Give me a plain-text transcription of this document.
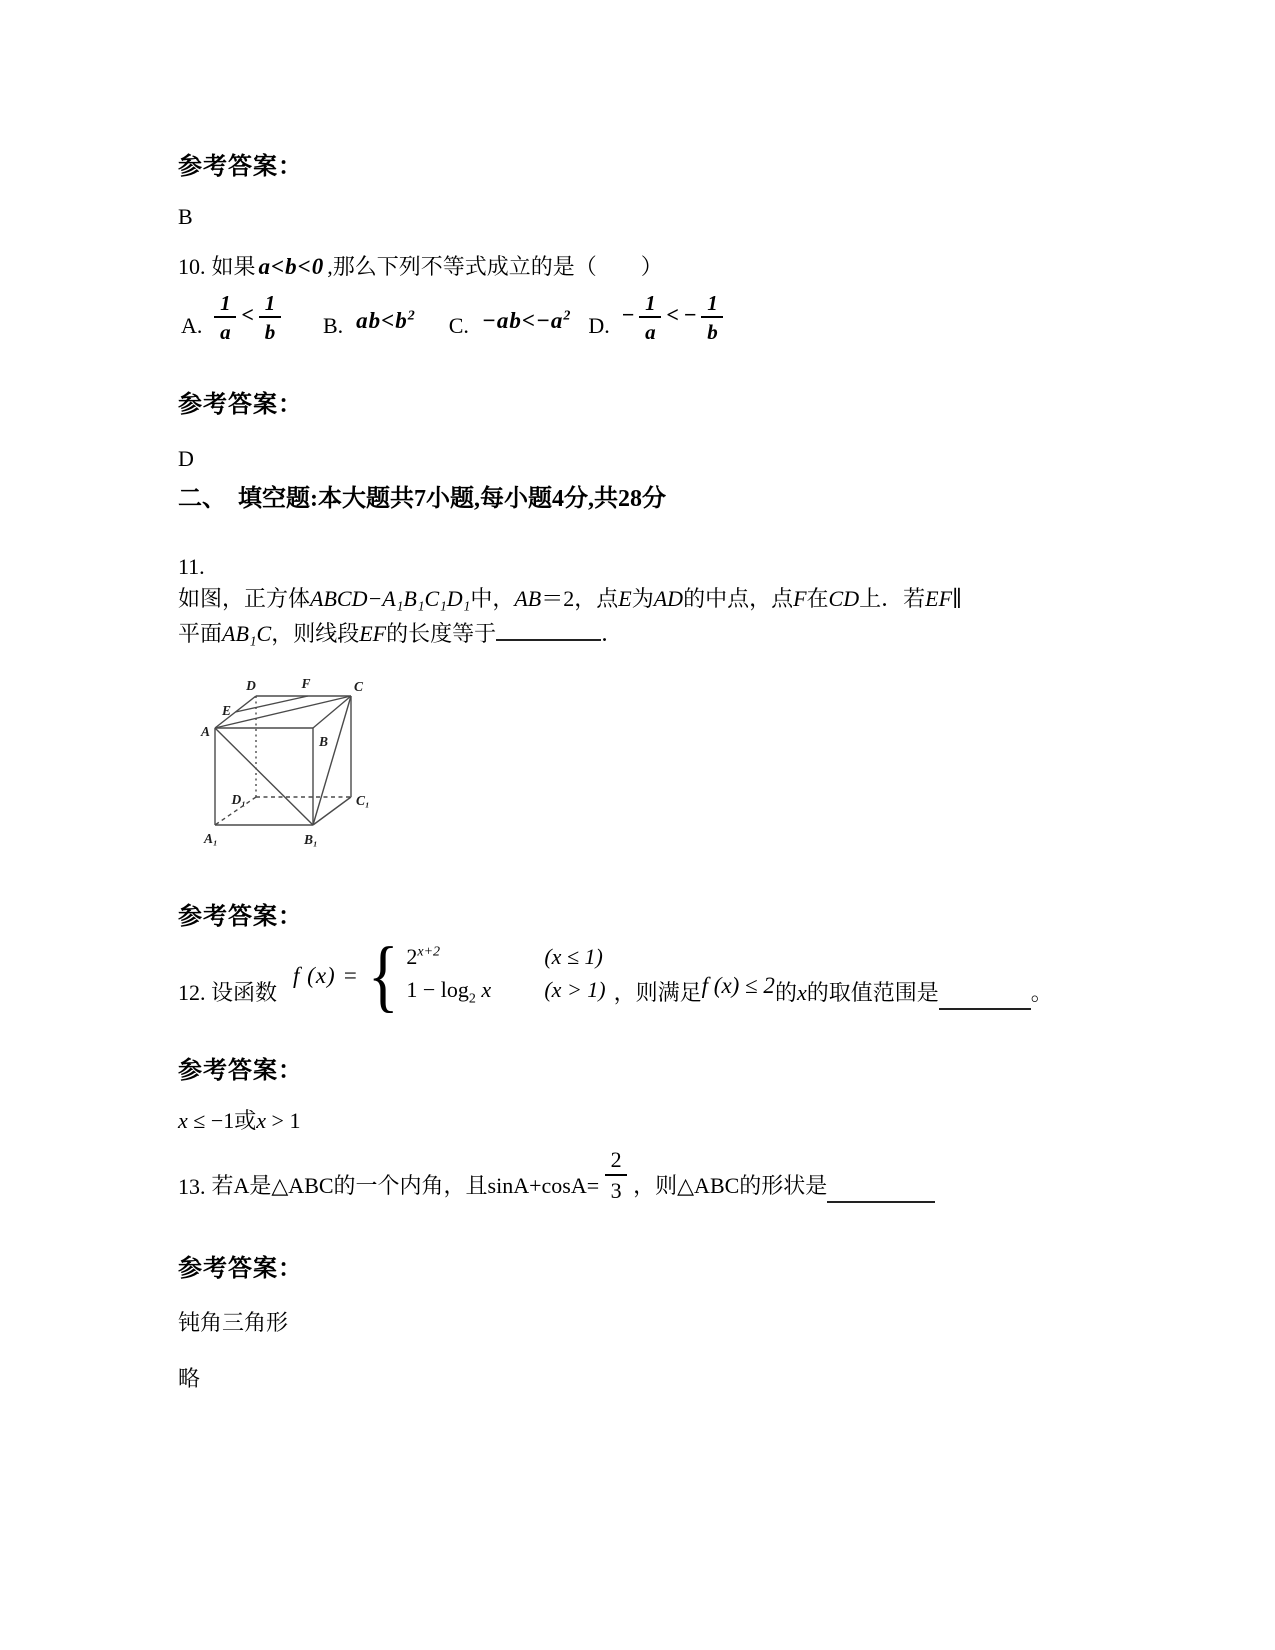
参考答案：
B
10. 如果 a<b<0 ,那么下列不等式成立的是（　　）
A. $\frac{1}{a} < \frac{1}{b} B$. $ab<b^2$ C. $-ab<-a^2$ D. − $\frac{1}{a}$ < − $\frac{1}{b}$
参考答案：
D
二、　填空题:本大题共7小题,每小题4分,共28分
11.
如图，正方体ABCD−A₁B₁C₁D₁中，AB＝2，点E为AD的中点，点F在CD上．若EF∥
平面AB₁C，则线段EF的长度等于	．
A
B
C
D
E
F
A₁	B₁
C₁
D₁
参考答案：
12. 设函数
f (x) = { $2^{x+2}$	(x ≤ 1)
$1 - \log_2 x$	(x > 1) ，则满足f (x) ≤ 2的x的取值范围是	。
参考答案：
x ≤ −1或x > 1
13. 若A是△ABC的一个内角，且$\sin A+\cos A= \frac{2}{3}$ ，则△ABC的形状是
参考答案：
钝角三角形
略
